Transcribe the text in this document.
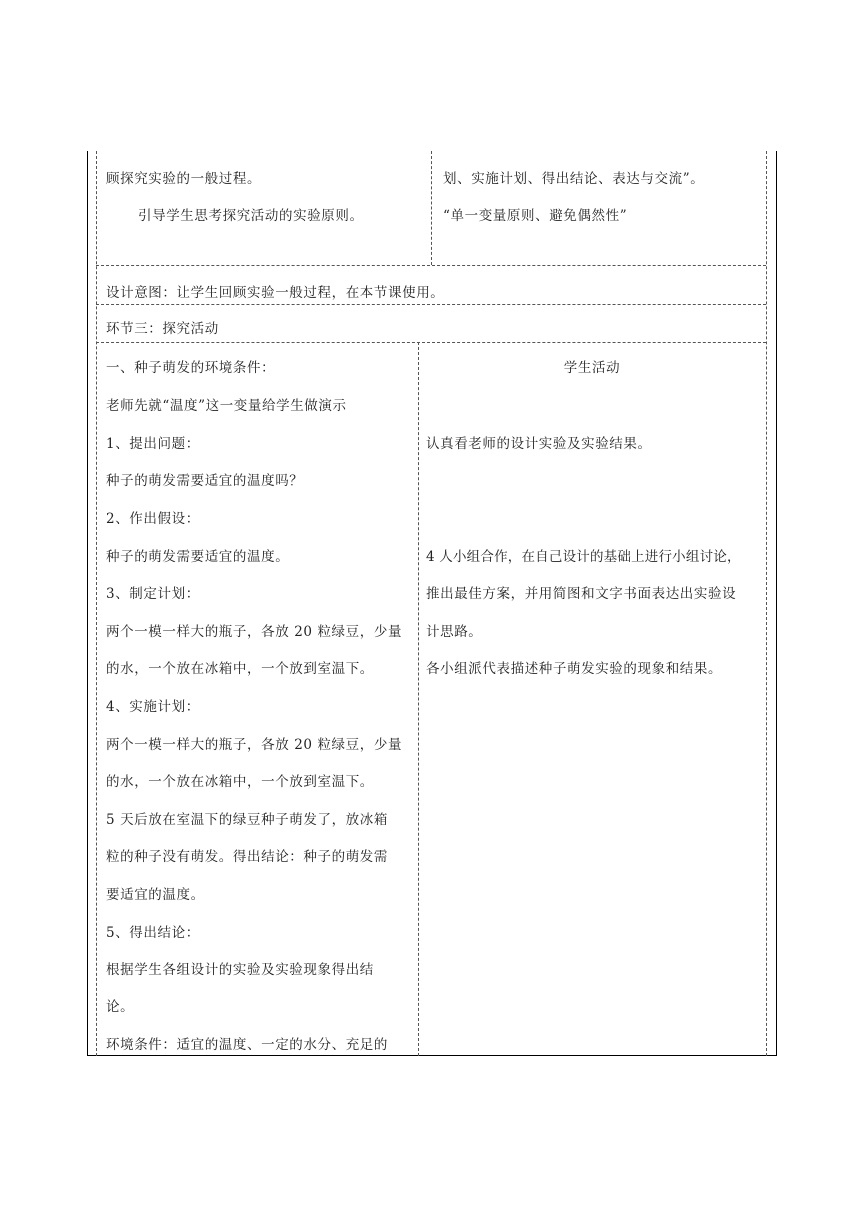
顾探究实验的一般过程。
引导学生思考探究活动的实验原则。
划、实施计划、得出结论、表达与交流”。
“单一变量原则、避免偶然性”
设计意图：让学生回顾实验一般过程，在本节课使用。
环节三：探究活动
一、种子萌发的环境条件：
老师先就“温度”这一变量给学生做演示
1、提出问题：
种子的萌发需要适宜的温度吗？
2、作出假设：
种子的萌发需要适宜的温度。
3、制定计划：
两个一模一样大的瓶子，各放 20 粒绿豆，少量
的水，一个放在冰箱中，一个放到室温下。
4、实施计划：
两个一模一样大的瓶子，各放 20 粒绿豆，少量
的水，一个放在冰箱中，一个放到室温下。
5 天后放在室温下的绿豆种子萌发了，放冰箱
粒的种子没有萌发。得出结论：种子的萌发需
要适宜的温度。
5、得出结论：
根据学生各组设计的实验及实验现象得出结
论。
环境条件：适宜的温度、一定的水分、充足的
学生活动
认真看老师的设计实验及实验结果。
4 人小组合作，在自己设计的基础上进行小组讨论，
推出最佳方案，并用简图和文字书面表达出实验设
计思路。
各小组派代表描述种子萌发实验的现象和结果。
